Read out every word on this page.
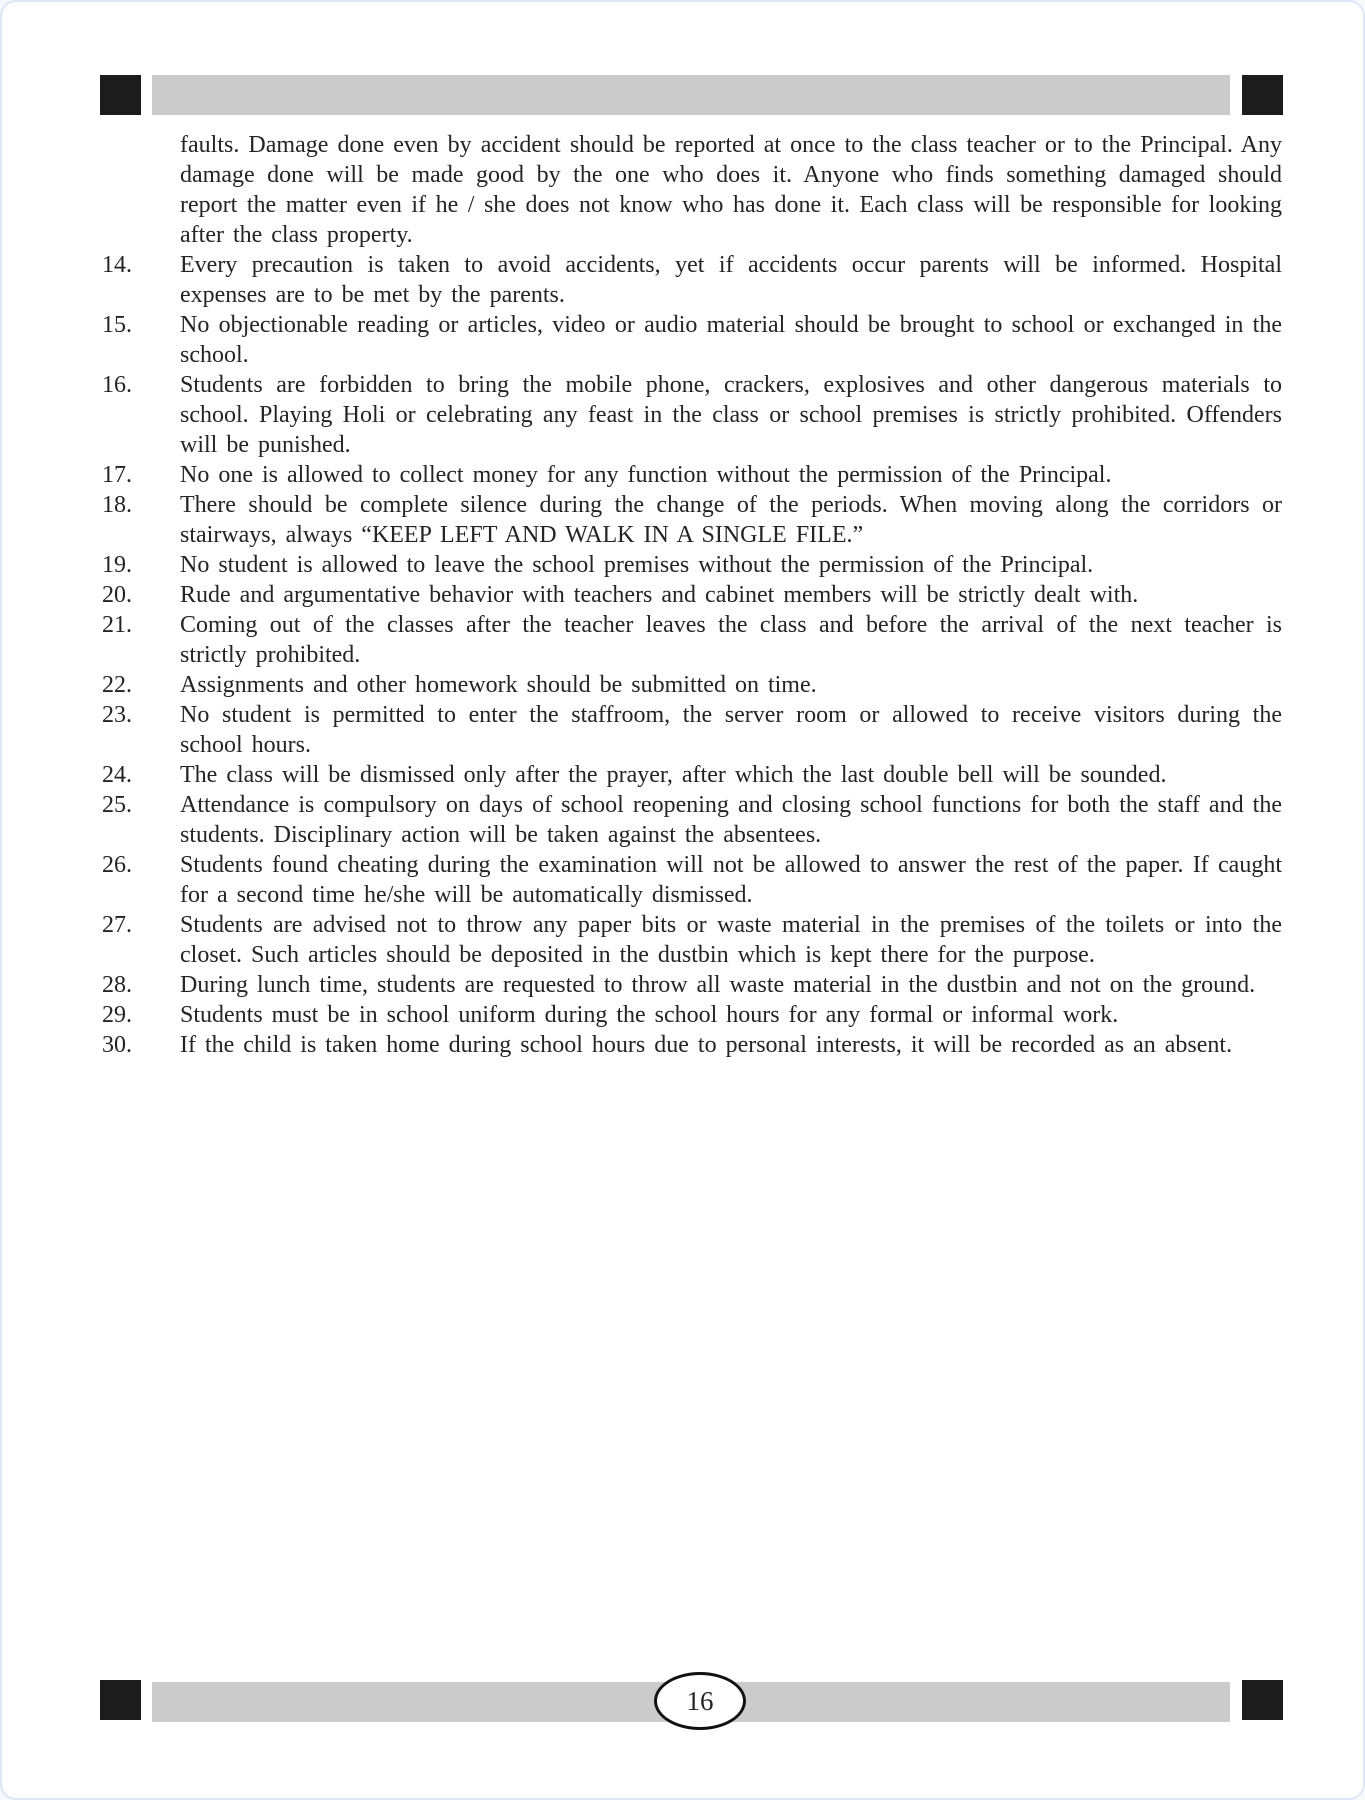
faults. Damage done even by accident should be reported at once to the class teacher or to the Principal. Any damage done will be made good by the one who does it. Anyone who finds something damaged should report the matter even if he / she does not know who has done it. Each class will be responsible for looking after the class property.

14.	Every precaution is taken to avoid accidents, yet if accidents occur parents will be informed. Hospital expenses are to be met by the parents.
15.	No objectionable reading or articles, video or audio material should be brought to school or exchanged in the school.
16.	Students are forbidden to bring the mobile phone, crackers, explosives and other dangerous materials to school. Playing Holi or celebrating any feast in the class or school premises is strictly prohibited. Offenders will be punished.
17.	No one is allowed to collect money for any function without the permission of the Principal.
18.	There should be complete silence during the change of the periods. When moving along the corridors or stairways, always “KEEP LEFT AND WALK IN A SINGLE FILE.”
19.	No student is allowed to leave the school premises without the permission of the Principal.
20.	Rude and argumentative behavior with teachers and cabinet members will be strictly dealt with.
21.	Coming out of the classes after the teacher leaves the class and before the arrival of the next teacher is strictly prohibited.
22.	Assignments and other homework should be submitted on time.
23.	No student is permitted to enter the staffroom, the server room or allowed to receive visitors during the school hours.
24.	The class will be dismissed only after the prayer, after which the last double bell will be sounded.
25.	Attendance is compulsory on days of school reopening and closing school functions for both the staff and the students. Disciplinary action will be taken against the absentees.
26.	Students found cheating during the examination will not be allowed to answer the rest of the paper. If caught for a second time he/she will be automatically dismissed.
27.	Students are advised not to throw any paper bits or waste material in the premises of the toilets or into the closet. Such articles should be deposited in the dustbin which is kept there for the purpose.
28.	During lunch time, students are requested to throw all waste material in the dustbin and not on the ground.
29.	Students must be in school uniform during the school hours for any formal or informal work.
30.	If the child is taken home during school hours due to personal interests, it will be recorded as an absent.
16
